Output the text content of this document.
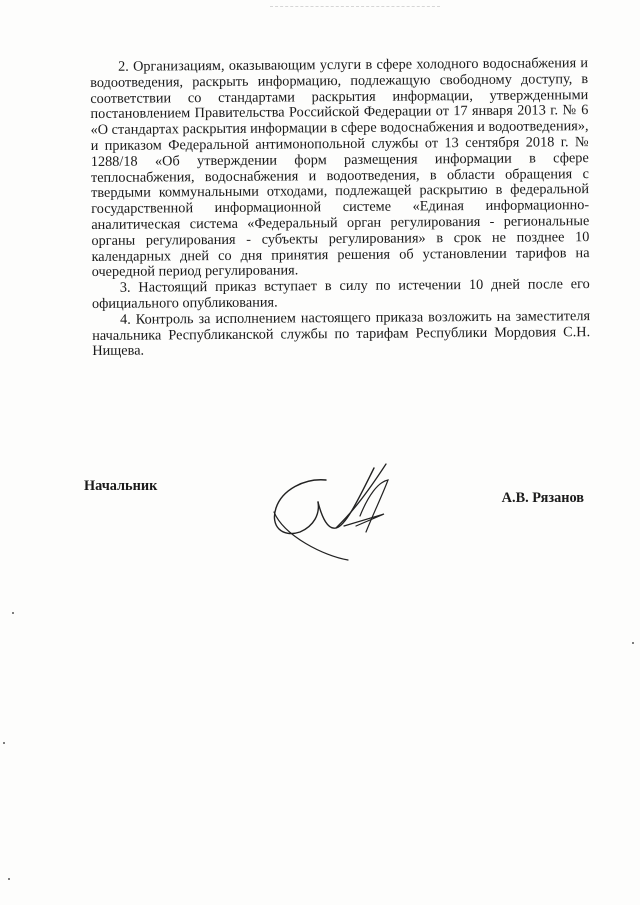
2. Организациям, оказывающим услуги в сфере холодного водоснабжения и водоотведения, раскрыть информацию, подлежащую свободному доступу, в соответствии со стандартами раскрытия информации, утвержденными постановлением Правительства Российской Федерации от 17 января 2013 г. № 6 «О стандартах раскрытия информации в сфере водоснабжения и водоотведения», и приказом Федеральной антимонопольной службы от 13 сентября 2018 г. № 1288/18 «Об утверждении форм размещения информации в сфере теплоснабжения, водоснабжения и водоотведения, в области обращения с твердыми коммунальными отходами, подлежащей раскрытию в федеральной государственной информационной системе «Единая информационно-аналитическая система «Федеральный орган регулирования - региональные органы регулирования - субъекты регулирования» в срок не позднее 10 календарных дней со дня принятия решения об установлении тарифов на очередной период регулирования.

3. Настоящий приказ вступает в силу по истечении 10 дней после его официального опубликования.

4. Контроль за исполнением настоящего приказа возложить на заместителя начальника Республиканской службы по тарифам Республики Мордовия С.Н. Нищева.

Начальник
А.В. Рязанов
